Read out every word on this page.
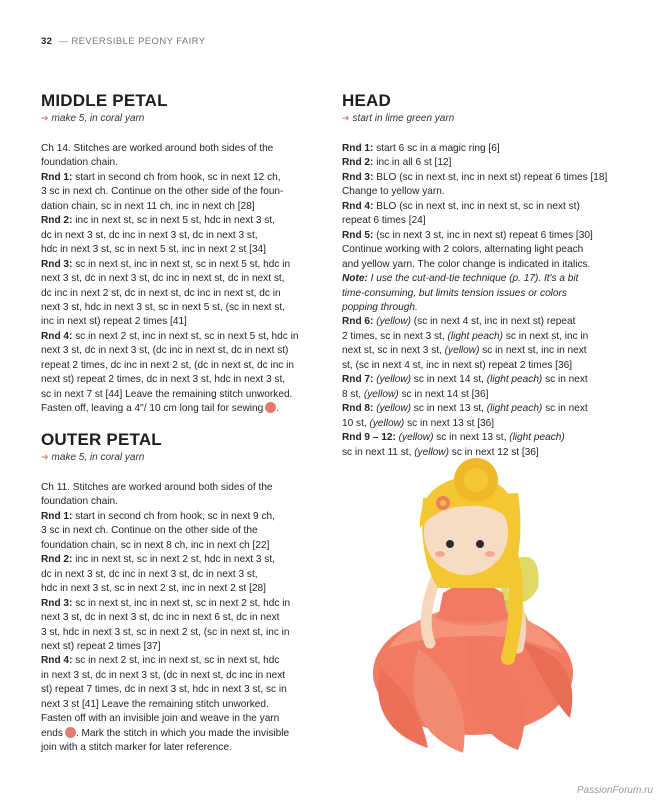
32 — REVERSIBLE PEONY FAIRY
MIDDLE PETAL
➔ make 5, in coral yarn
Ch 14. Stitches are worked around both sides of the
foundation chain.
Rnd 1: start in second ch from hook, sc in next 12 ch,
3 sc in next ch. Continue on the other side of the foun-
dation chain, sc in next 11 ch, inc in next ch [28]
Rnd 2: inc in next st, sc in next 5 st, hdc in next 3 st,
dc in next 3 st, dc inc in next 3 st, dc in next 3 st,
hdc in next 3 st, sc in next 5 st, inc in next 2 st [34]
Rnd 3: sc in next st, inc in next st, sc in next 5 st, hdc in
next 3 st, dc in next 3 st, dc inc in next st, dc in next st,
dc inc in next 2 st, dc in next st, dc inc in next st, dc in
next 3 st, hdc in next 3 st, sc in next 5 st, (sc in next st,
inc in next st) repeat 2 times [41]
Rnd 4: sc in next 2 st, inc in next st, sc in next 5 st, hdc in
next 3 st, dc in next 3 st, (dc inc in next st, dc in next st)
repeat 2 times, dc inc in next 2 st, (dc in next st, dc inc in
next st) repeat 2 times, dc in next 3 st, hdc in next 3 st,
sc in next 7 st [44] Leave the remaining stitch unworked.
Fasten off, leaving a 4"/ 10 cm long tail for sewing .
OUTER PETAL
➔ make 5, in coral yarn
Ch 11. Stitches are worked around both sides of the
foundation chain.
Rnd 1: start in second ch from hook, sc in next 9 ch,
3 sc in next ch. Continue on the other side of the
foundation chain, sc in next 8 ch, inc in next ch [22]
Rnd 2: inc in next st, sc in next 2 st, hdc in next 3 st,
dc in next 3 st, dc inc in next 3 st, dc in next 3 st,
hdc in next 3 st, sc in next 2 st, inc in next 2 st [28]
Rnd 3: sc in next st, inc in next st, sc in next 2 st, hdc in
next 3 st, dc in next 3 st, dc inc in next 6 st, dc in next
3 st, hdc in next 3 st, sc in next 2 st, (sc in next st, inc in
next st) repeat 2 times [37]
Rnd 4: sc in next 2 st, inc in next st, sc in next st, hdc
in next 3 st, dc in next 3 st, (dc in next st, dc inc in next
st) repeat 7 times, dc in next 3 st, hdc in next 3 st, sc in
next 3 st [41] Leave the remaining stitch unworked.
Fasten off with an invisible join and weave in the yarn
ends . Mark the stitch in which you made the invisible
join with a stitch marker for later reference.
HEAD
➔ start in lime green yarn
Rnd 1: start 6 sc in a magic ring [6]
Rnd 2: inc in all 6 st [12]
Rnd 3: BLO (sc in next st, inc in next st) repeat 6 times [18]
Change to yellow yarn.
Rnd 4: BLO (sc in next st, inc in next st, sc in next st)
repeat 6 times [24]
Rnd 5: (sc in next 3 st, inc in next st) repeat 6 times [30]
Continue working with 2 colors, alternating light peach
and yellow yarn. The color change is indicated in italics.
Note: I use the cut-and-tie technique (p. 17). It's a bit
time-consuming, but limits tension issues or colors
popping through.
Rnd 6: (yellow) (sc in next 4 st, inc in next st) repeat
2 times, sc in next 3 st, (light peach) sc in next st, inc in
next st, sc in next 3 st, (yellow) sc in next st, inc in next
st, (sc in next 4 st, inc in next st) repeat 2 times [36]
Rnd 7: (yellow) sc in next 14 st, (light peach) sc in next
8 st, (yellow) sc in next 14 st [36]
Rnd 8: (yellow) sc in next 13 st, (light peach) sc in next
10 st, (yellow) sc in next 13 st [36]
Rnd 9 – 12: (yellow) sc in next 13 st, (light peach)
sc in next 11 st, (yellow) sc in next 12 st [36]
PassionForum.ru
